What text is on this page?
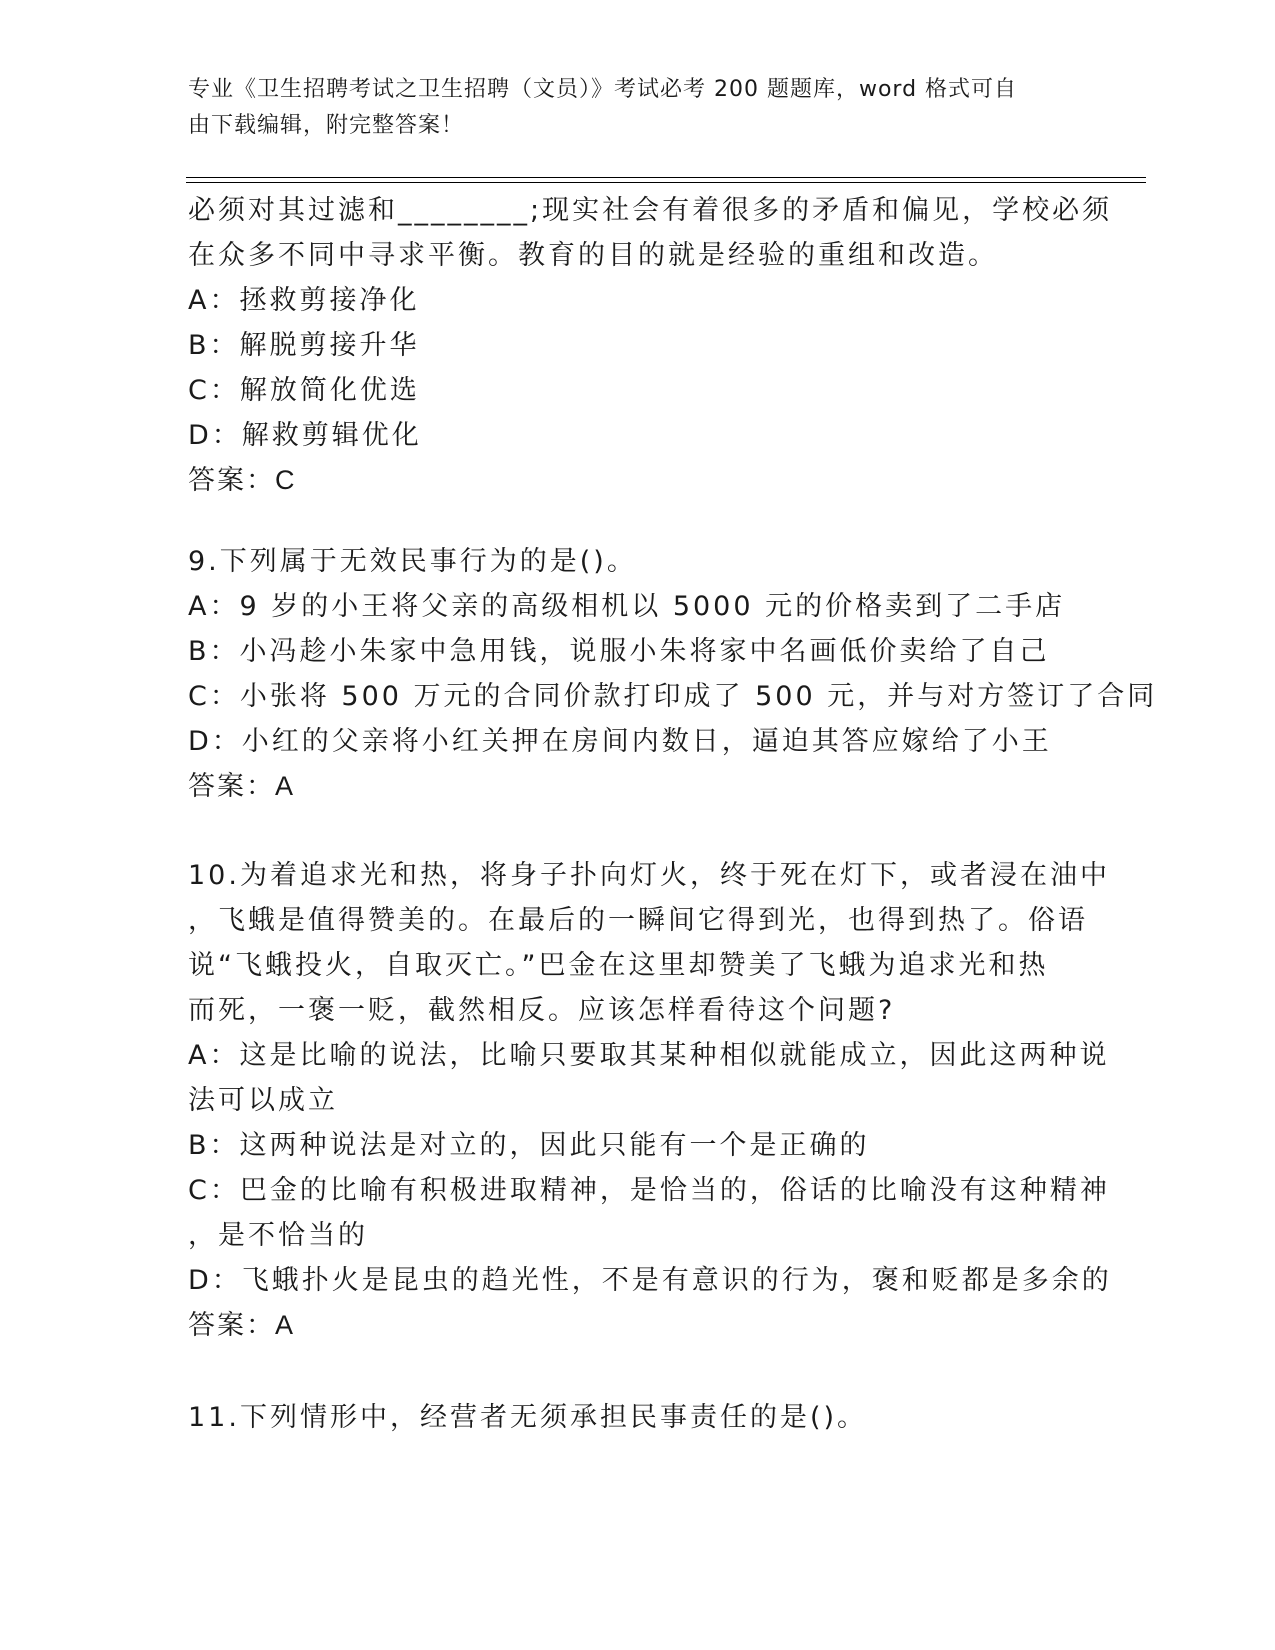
专业《卫生招聘考试之卫生招聘（文员）》考试必考 200 题题库，word 格式可自
由下载编辑，附完整答案！
必须对其过滤和________;现实社会有着很多的矛盾和偏见，学校必须
在众多不同中寻求平衡。教育的目的就是经验的重组和改造。
A：拯救剪接净化
B：解脱剪接升华
C：解放简化优选
D：解救剪辑优化
答案：C
9.下列属于无效民事行为的是()。
A：9 岁的小王将父亲的高级相机以 5000 元的价格卖到了二手店
B：小冯趁小朱家中急用钱，说服小朱将家中名画低价卖给了自己
C：小张将 500 万元的合同价款打印成了 500 元，并与对方签订了合同
D：小红的父亲将小红关押在房间内数日，逼迫其答应嫁给了小王
答案：A
10.为着追求光和热，将身子扑向灯火，终于死在灯下，或者浸在油中
，飞蛾是值得赞美的。在最后的一瞬间它得到光，也得到热了。俗语
说“飞蛾投火，自取灭亡。”巴金在这里却赞美了飞蛾为追求光和热
而死，一褒一贬，截然相反。应该怎样看待这个问题?
A：这是比喻的说法，比喻只要取其某种相似就能成立，因此这两种说
法可以成立
B：这两种说法是对立的，因此只能有一个是正确的
C：巴金的比喻有积极进取精神，是恰当的，俗话的比喻没有这种精神
，是不恰当的
D：飞蛾扑火是昆虫的趋光性，不是有意识的行为，褒和贬都是多余的
答案：A
11.下列情形中，经营者无须承担民事责任的是()。
